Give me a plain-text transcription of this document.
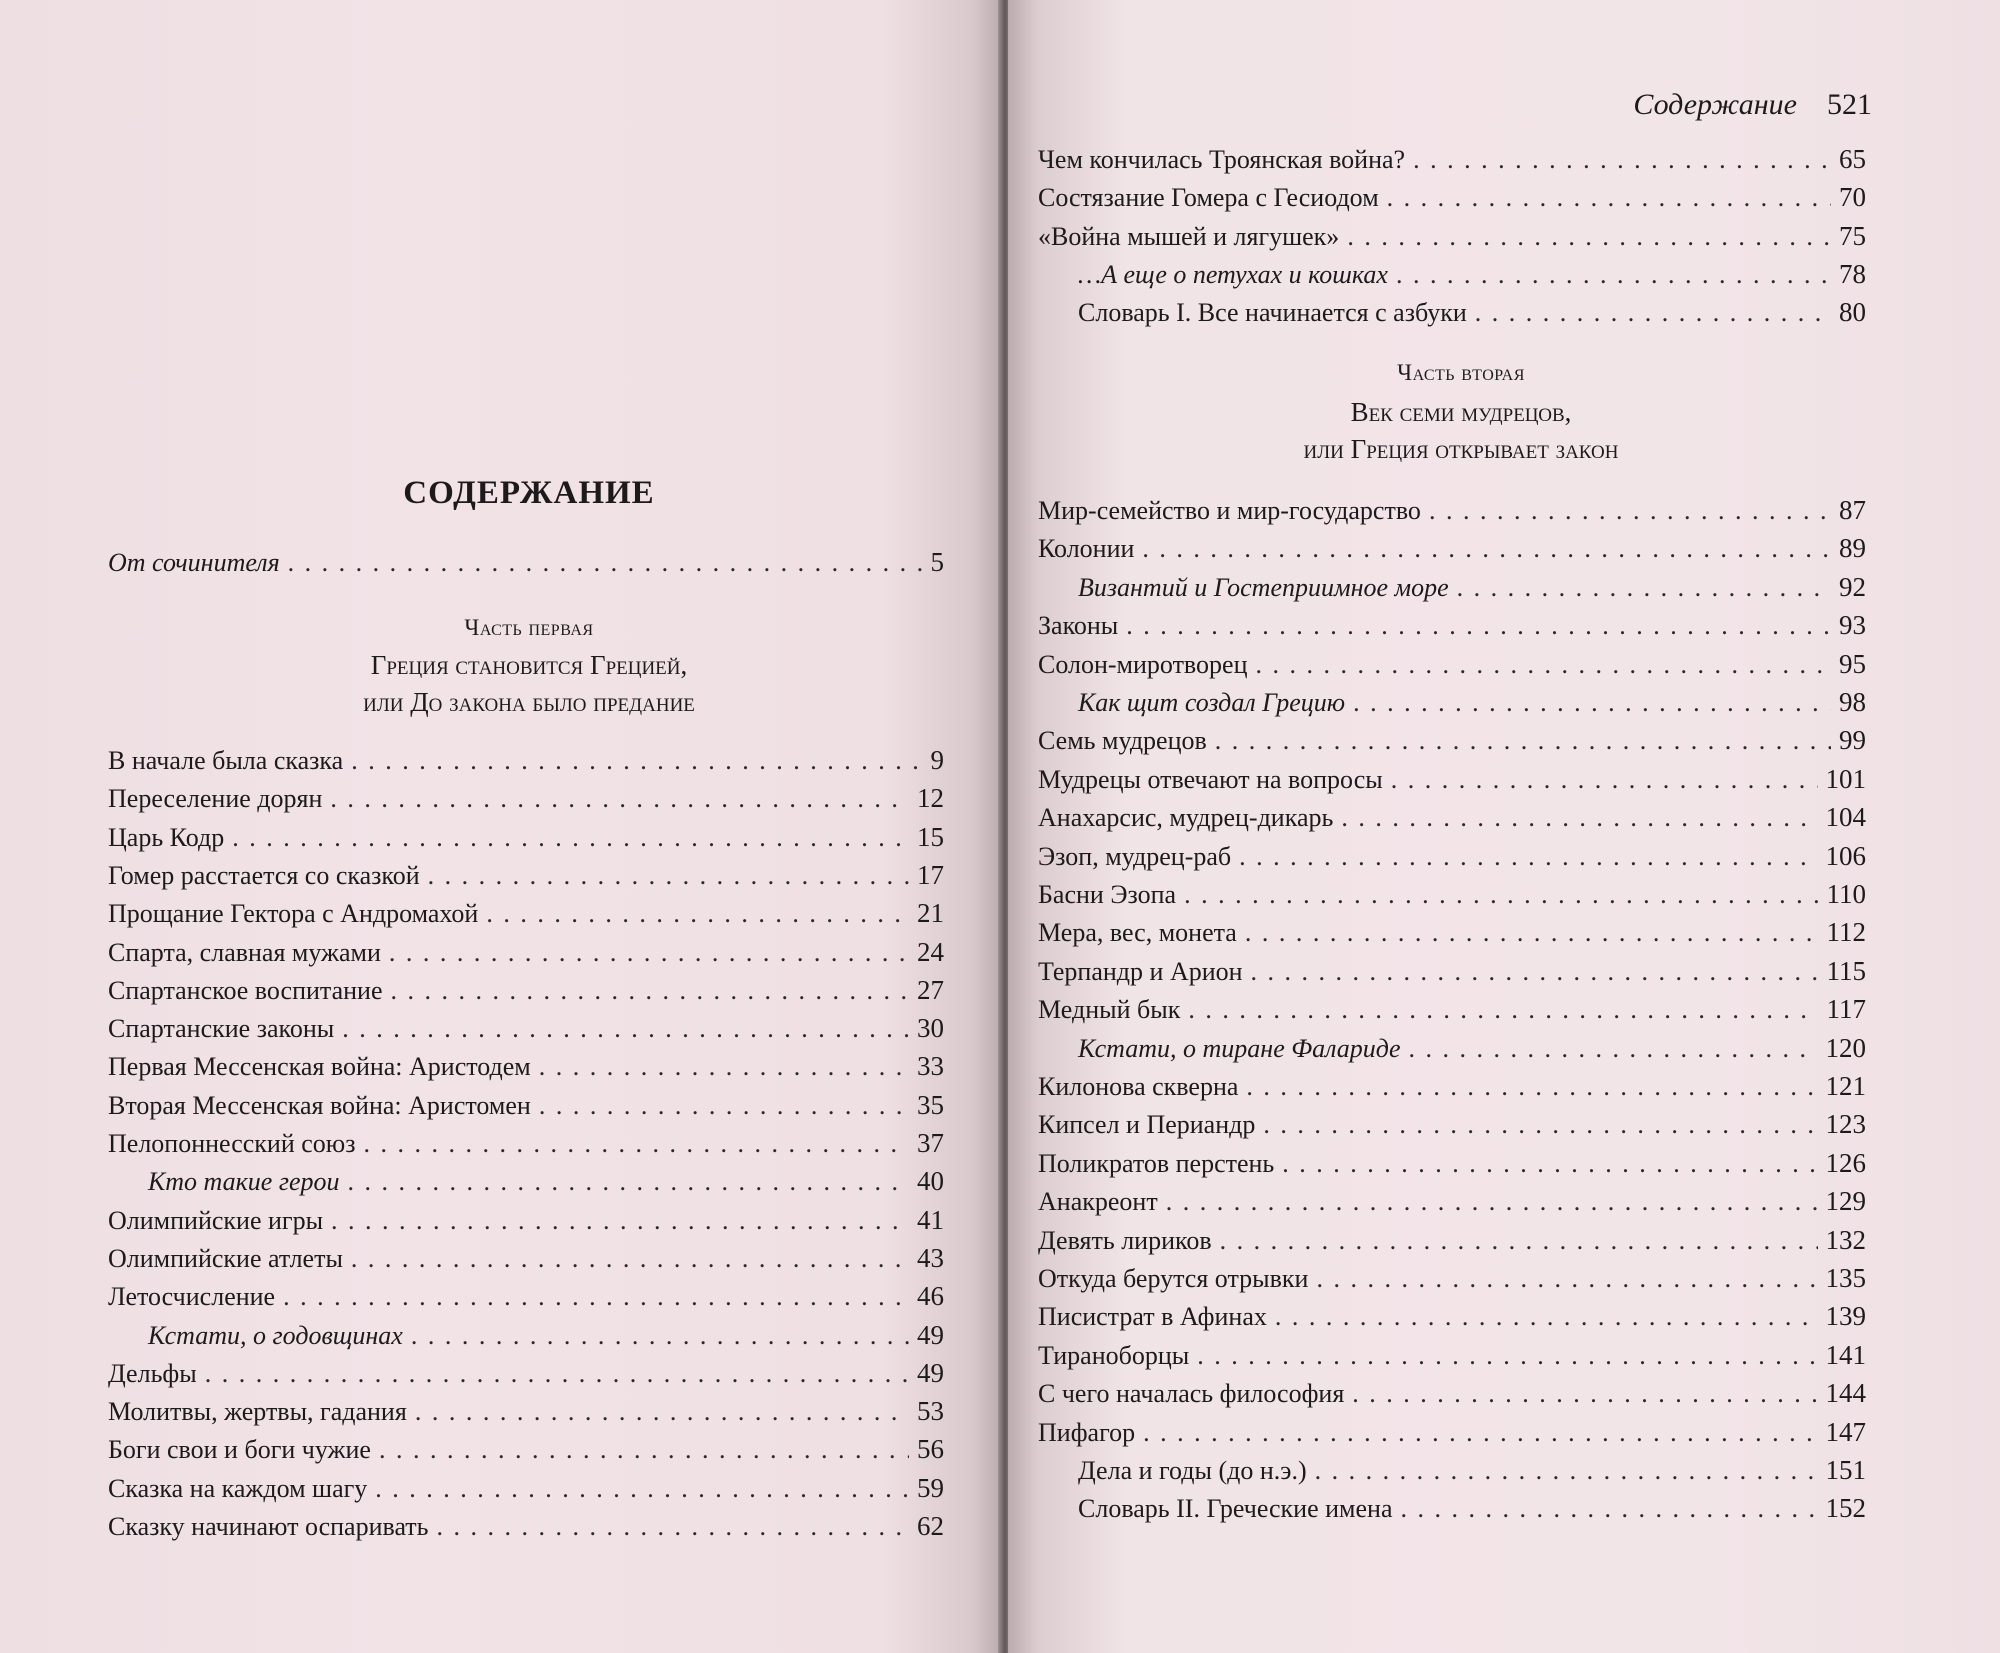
СОДЕРЖАНИЕ
От сочинителя . . .	5
Часть первая
Греция становится Грецией,
или До закона было предание
В начале была сказка . . .	9
Переселение дорян . . .	12
Царь Кодр . . .	15
Гомер расстается со сказкой . . .	17
Прощание Гектора с Андромахой . . .	21
Спарта, славная мужами . . .	24
Спартанское воспитание . . .	27
Спартанские законы . . .	30
Первая Мессенская война: Аристодем . . .	33
Вторая Мессенская война: Аристомен . . .	35
Пелопоннесский союз . . .	37
Кто такие герои . . .	40
Олимпийские игры . . .	41
Олимпийские атлеты . . .	43
Летосчисление . . .	46
Кстати, о годовщинах . . .	49
Дельфы . . .	49
Молитвы, жертвы, гадания . . .	53
Боги свои и боги чужие . . .	56
Сказка на каждом шагу . . .	59
Сказку начинают оспаривать . . .	62
Содержание 521
Чем кончилась Троянская война? . . .	65
Состязание Гомера с Гесиодом . . .	70
«Война мышей и лягушек» . . .	75
…А еще о петухах и кошках . . .	78
Словарь I. Все начинается с азбуки . . .	80
Часть вторая
Век семи мудрецов,
или Греция открывает закон
Мир-семейство и мир-государство . . .	87
Колонии . . .	89
Византий и Гостеприимное море . . .	92
Законы . . .	93
Солон-миротворец . . .	95
Как щит создал Грецию . . .	98
Семь мудрецов . . .	99
Мудрецы отвечают на вопросы . . .	101
Анахарсис, мудрец-дикарь . . .	104
Эзоп, мудрец-раб . . .	106
Басни Эзопа . . .	110
Мера, вес, монета . . .	112
Терпандр и Арион . . .	115
Медный бык . . .	117
Кстати, о тиране Фаларидe . . .	120
Килонова скверна . . .	121
Кипсел и Периандр . . .	123
Поликратов перстень . . .	126
Анакреонт . . .	129
Девять лириков . . .	132
Откуда берутся отрывки . . .	135
Писистрат в Афинах . . .	139
Тираноборцы . . .	141
С чего началась философия . . .	144
Пифагор . . .	147
Дела и годы (до н.э.) . . .	151
Словарь II. Греческие имена . . .	152
